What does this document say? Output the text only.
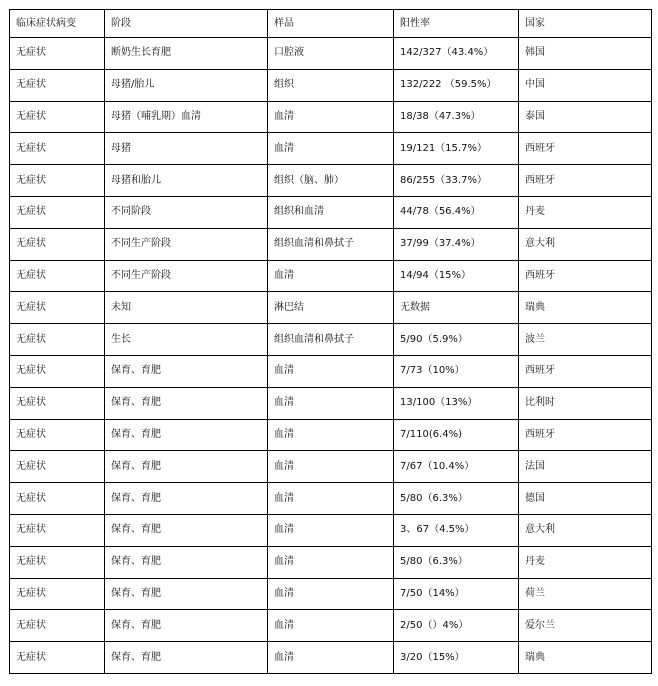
临床症状病变	阶段	样品	阳性率	国家
无症状	断奶生长育肥	口腔液	142/327（43.4%）	韩国
无症状	母猪/胎儿	组织	132/222 （59.5%）	中国
无症状	母猪（哺乳期）血清	血清	18/38（47.3%）	泰国
无症状	母猪	血清	19/121（15.7%）	西班牙
无症状	母猪和胎儿	组织（脑、肺）	86/255（33.7%）	西班牙
无症状	不同阶段	组织和血清	44/78（56.4%）	丹麦
无症状	不同生产阶段	组织血清和鼻拭子	37/99（37.4%）	意大利
无症状	不同生产阶段	血清	14/94（15%）	西班牙
无症状	未知	淋巴结	无数据	瑞典
无症状	生长	组织血清和鼻拭子	5/90（5.9%）	波兰
无症状	保育、育肥	血清	7/73（10%）	西班牙
无症状	保育、育肥	血清	13/100（13%）	比利时
无症状	保育、育肥	血清	7/110(6.4%)	西班牙
无症状	保育、育肥	血清	7/67（10.4%）	法国
无症状	保育、育肥	血清	5/80（6.3%）	德国
无症状	保育、育肥	血清	3、67（4.5%）	意大利
无症状	保育、育肥	血清	5/80（6.3%）	丹麦
无症状	保育、育肥	血清	7/50（14%）	荷兰
无症状	保育、育肥	血清	2/50（）4%）	爱尔兰
无症状	保育、育肥	血清	3/20（15%）	瑞典
